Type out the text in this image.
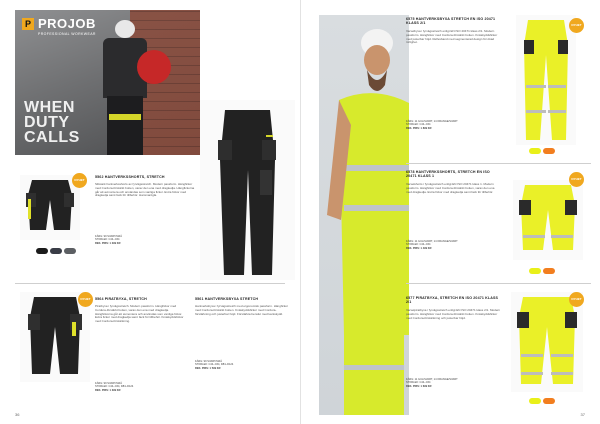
P PROJOB
PROFESSIONAL WORKWEAR
WHEN
DUTY
CALLS
NYHET
5562 HANTVERKSSHORTS, STRETCH
Slitstark hantverksshorts av fyrvägsstretch. Modern passform. Hängfickor med Cordura-förstärkt botten, varav den ena med dragkedja. Hängfickorna går att avmontera och användas som vanliga fickor. Extra fickor med dragkedja samt fack för tillbehör. Hammarögla.
FÄRG: 99 SVART/GRÅ
STORLEK: C44–C64
REK. PRIS: 1 299 KR
NYHET	5564 PIRATBYXA, STRETCH
Piratbyxa i fyrvägsstretch. Modern passform. Hängfickor med Cordura-förstärkt botten, varav den ena med dragkedja. Hängfickorna går att avmontera och användas som vanliga fickor. Extra fickor med dragkedja samt fack för tillbehör. Knäskyddsfickor med Cordura-förstärkning.
FÄRG: 99 SVART/GRÅ
STORLEK: C44–C64, D84–D124
REK. PRIS: 1 399 KR
5561 HANTVERKSBYXA STRETCH
Hantverksbyxa i fyrvägsstretch med ergonomisk passform. Hängfickor med Cordura-förstärkt botten. Knäskyddsfickor med Cordura-förstärkning och justerbar höjd. Förstärkta benslut med kantskydd.
FÄRG: 99 SVART/GRÅ
STORLEK: C44–C64, D84–D124
REK. PRIS: 1 599 KR
36
6575 HANTVERKSBYXA STRETCH EN ISO 20471 KLASS 2/1
Varselbyxa i fyrvägsstretch enligt EN ISO 20471 klass 2/1. Modern passform. Hängfickor med Cordura-förstärkt botten. Knäskyddsfickor med justerbar höjd. Reflexband med segmenterad design för ökad rörlighet.
FÄRG: 11 GUL/SVART, 14 ORANGE/SVART
STORLEK: C44–C64
REK. PRIS: 1 899 KR
NYHET
6578 HANTVERKSSHORTS, STRETCH EN ISO 20471 KLASS 1
Varselshorts i fyrvägsstretch enligt EN ISO 20471 klass 1. Modern passform. Hängfickor med Cordura-förstärkt botten, varav den ena med dragkedja. Extra fickor med dragkedja samt fack för tillbehör.
FÄRG: 11 GUL/SVART, 14 ORANGE/SVART
STORLEK: C44–C64
REK. PRIS: 1 499 KR
NYHET
6577 PIRATBYXA, STRETCH EN ISO 20471 KLASS 2/1
Varselpiratbyxa i fyrvägsstretch enligt EN ISO 20471 klass 2/1. Modern passform. Hängfickor med Cordura-förstärkt botten. Knäskyddsfickor med Cordura-förstärkning och justerbar höjd.
FÄRG: 11 GUL/SVART, 14 ORANGE/SVART
STORLEK: C44–C64
REK. PRIS: 1 699 KR
NYHET
37
